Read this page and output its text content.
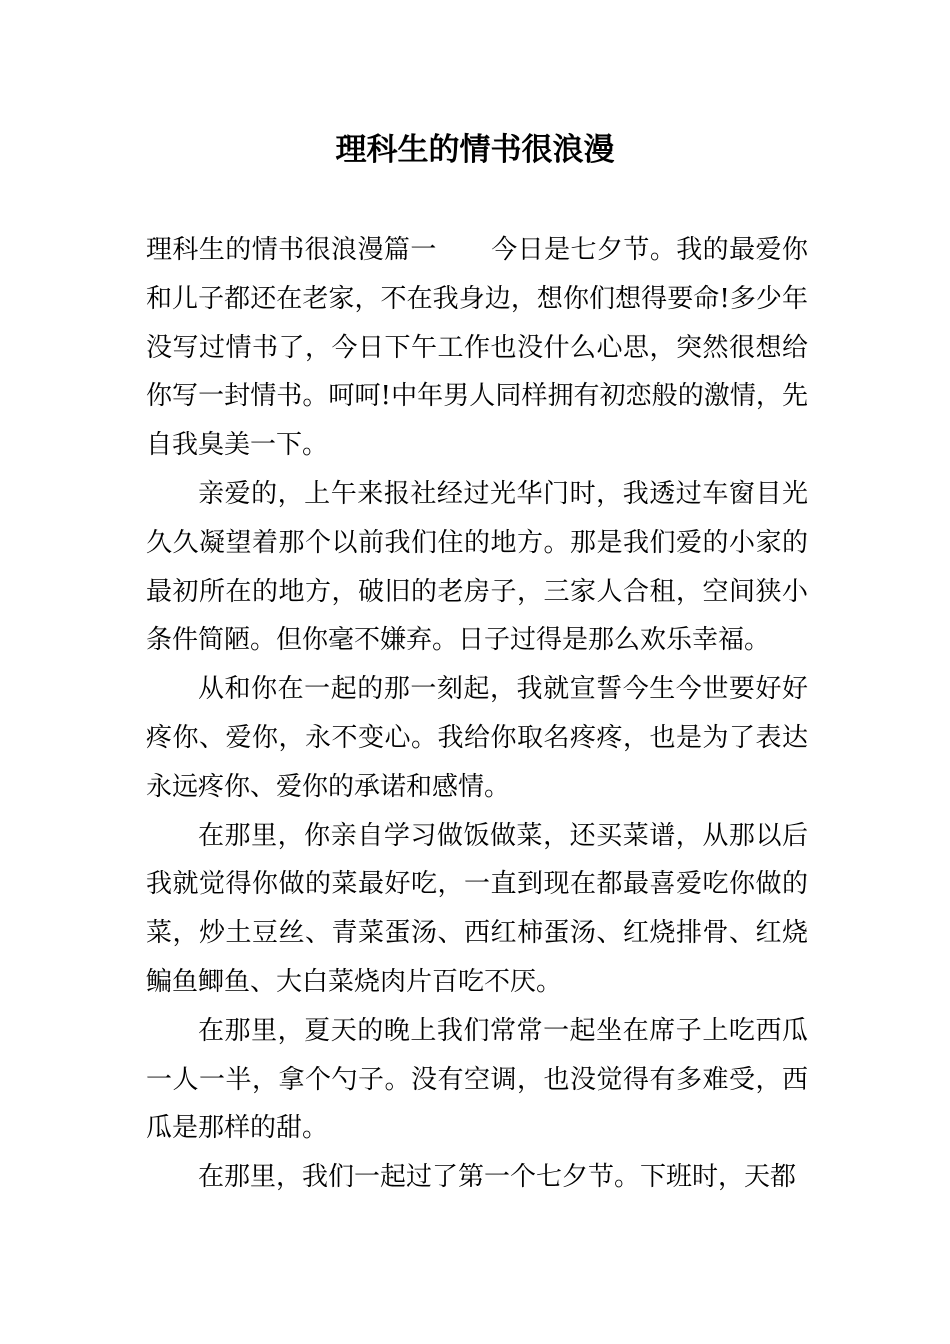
理科生的情书很浪漫

理科生的情书很浪漫篇一 今日是七夕节。我的最爱你和儿子都还在老家，不在我身边，想你们想得要命!多少年没写过情书了，今日下午工作也没什么心思，突然很想给你写一封情书。呵呵!中年男人同样拥有初恋般的激情，先自我臭美一下。

亲爱的，上午来报社经过光华门时，我透过车窗目光久久凝望着那个以前我们住的地方。那是我们爱的小家的最初所在的地方，破旧的老房子，三家人合租，空间狭小条件简陋。但你毫不嫌弃。日子过得是那么欢乐幸福。

从和你在一起的那一刻起，我就宣誓今生今世要好好疼你、爱你，永不变心。我给你取名疼疼，也是为了表达永远疼你、爱你的承诺和感情。

在那里，你亲自学习做饭做菜，还买菜谱，从那以后我就觉得你做的菜最好吃，一直到现在都最喜爱吃你做的菜，炒土豆丝、青菜蛋汤、西红柿蛋汤、红烧排骨、红烧鳊鱼鲫鱼、大白菜烧肉片百吃不厌。

在那里，夏天的晚上我们常常一起坐在席子上吃西瓜一人一半，拿个勺子。没有空调，也没觉得有多难受，西瓜是那样的甜。

在那里，我们一起过了第一个七夕节。下班时，天都
